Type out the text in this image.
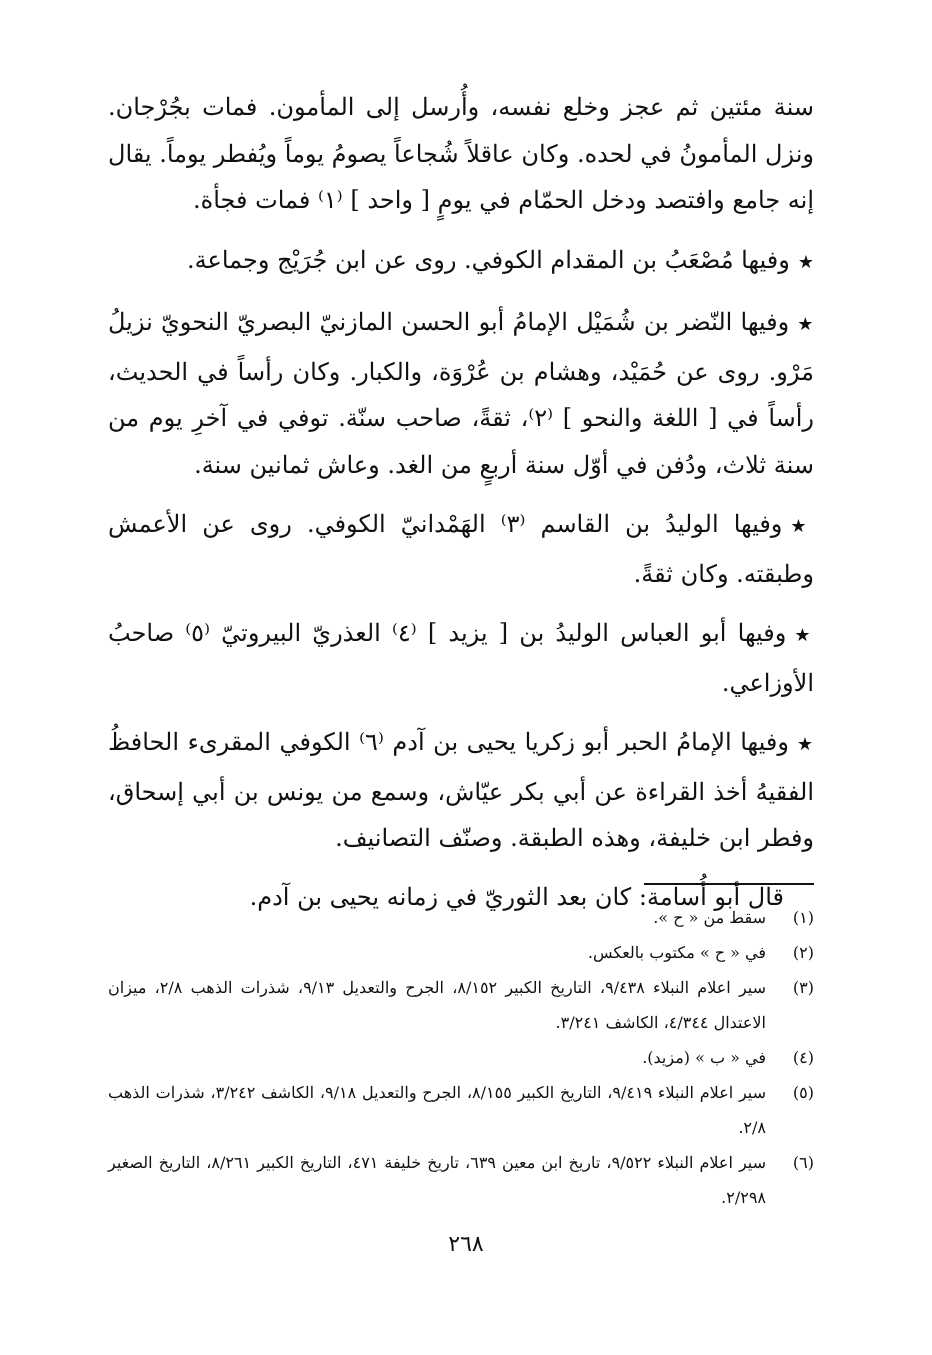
سنة مئتين ثم عجز وخلع نفسه، وأُرسل إلى المأمون. فمات بجُرْجان. ونزل المأمونُ في لحده. وكان عاقلاً شُجاعاً يصومُ يوماً ويُفطر يوماً. يقال إنه جامع وافتصد ودخل الحمّام في يومٍ [ واحد ] ⁽١⁾ فمات فجأة.

★وفيها مُصْعَبُ بن المقدام الكوفي. روى عن ابن جُرَيْج وجماعة.

★وفيها النّضر بن شُمَيْل الإمامُ أبو الحسن المازنيّ البصريّ النحويّ نزيلُ مَرْو. روى عن حُمَيْد، وهشام بن عُرْوَة، والكبار. وكان رأساً في الحديث، رأساً في [ اللغة والنحو ] ⁽٢⁾، ثقةً، صاحب سنّة. توفي في آخرِ يوم من سنة ثلاث، ودُفن في أوّل سنة أربعٍ من الغد. وعاش ثمانين سنة.

★وفيها الوليدُ بن القاسم ⁽٣⁾ الهَمْدانيّ الكوفي. روى عن الأعمش وطبقته. وكان ثقةً.

★وفيها أبو العباس الوليدُ بن [ يزيد ] ⁽٤⁾ العذريّ البيروتيّ ⁽٥⁾ صاحبُ الأوزاعي.

★وفيها الإمامُ الحبر أبو زكريا يحيى بن آدم ⁽٦⁾ الكوفي المقرىء الحافظُ الفقيهُ أخذ القراءة عن أبي بكر عيّاش، وسمع من يونس بن أبي إسحاق، وفطر ابن خليفة، وهذه الطبقة. وصنّف التصانيف.

قال أبو أُسامة: كان بعد الثوريّ في زمانه يحيى بن آدم.

(١)
سقط من « ح ».

(٢)
في « ح » مكتوب بالعكس.

(٣)
سير اعلام النبلاء ٩/٤٣٨، التاريخ الكبير ٨/١٥٢، الجرح والتعديل ٩/١٣، شذرات الذهب ٢/٨، ميزان الاعتدال ٤/٣٤٤، الكاشف ٣/٢٤١.

(٤)
في « ب » (مزيد).

(٥)
سير اعلام النبلاء ٩/٤١٩، التاريخ الكبير ٨/١٥٥، الجرح والتعديل ٩/١٨، الكاشف ٣/٢٤٢، شذرات الذهب ٢/٨.

(٦)
سير اعلام النبلاء ٩/٥٢٢، تاريخ ابن معين ٦٣٩، تاريخ خليفة ٤٧١، التاريخ الكبير ٨/٢٦١، التاريخ الصغير ٢/٢٩٨.

٢٦٨
